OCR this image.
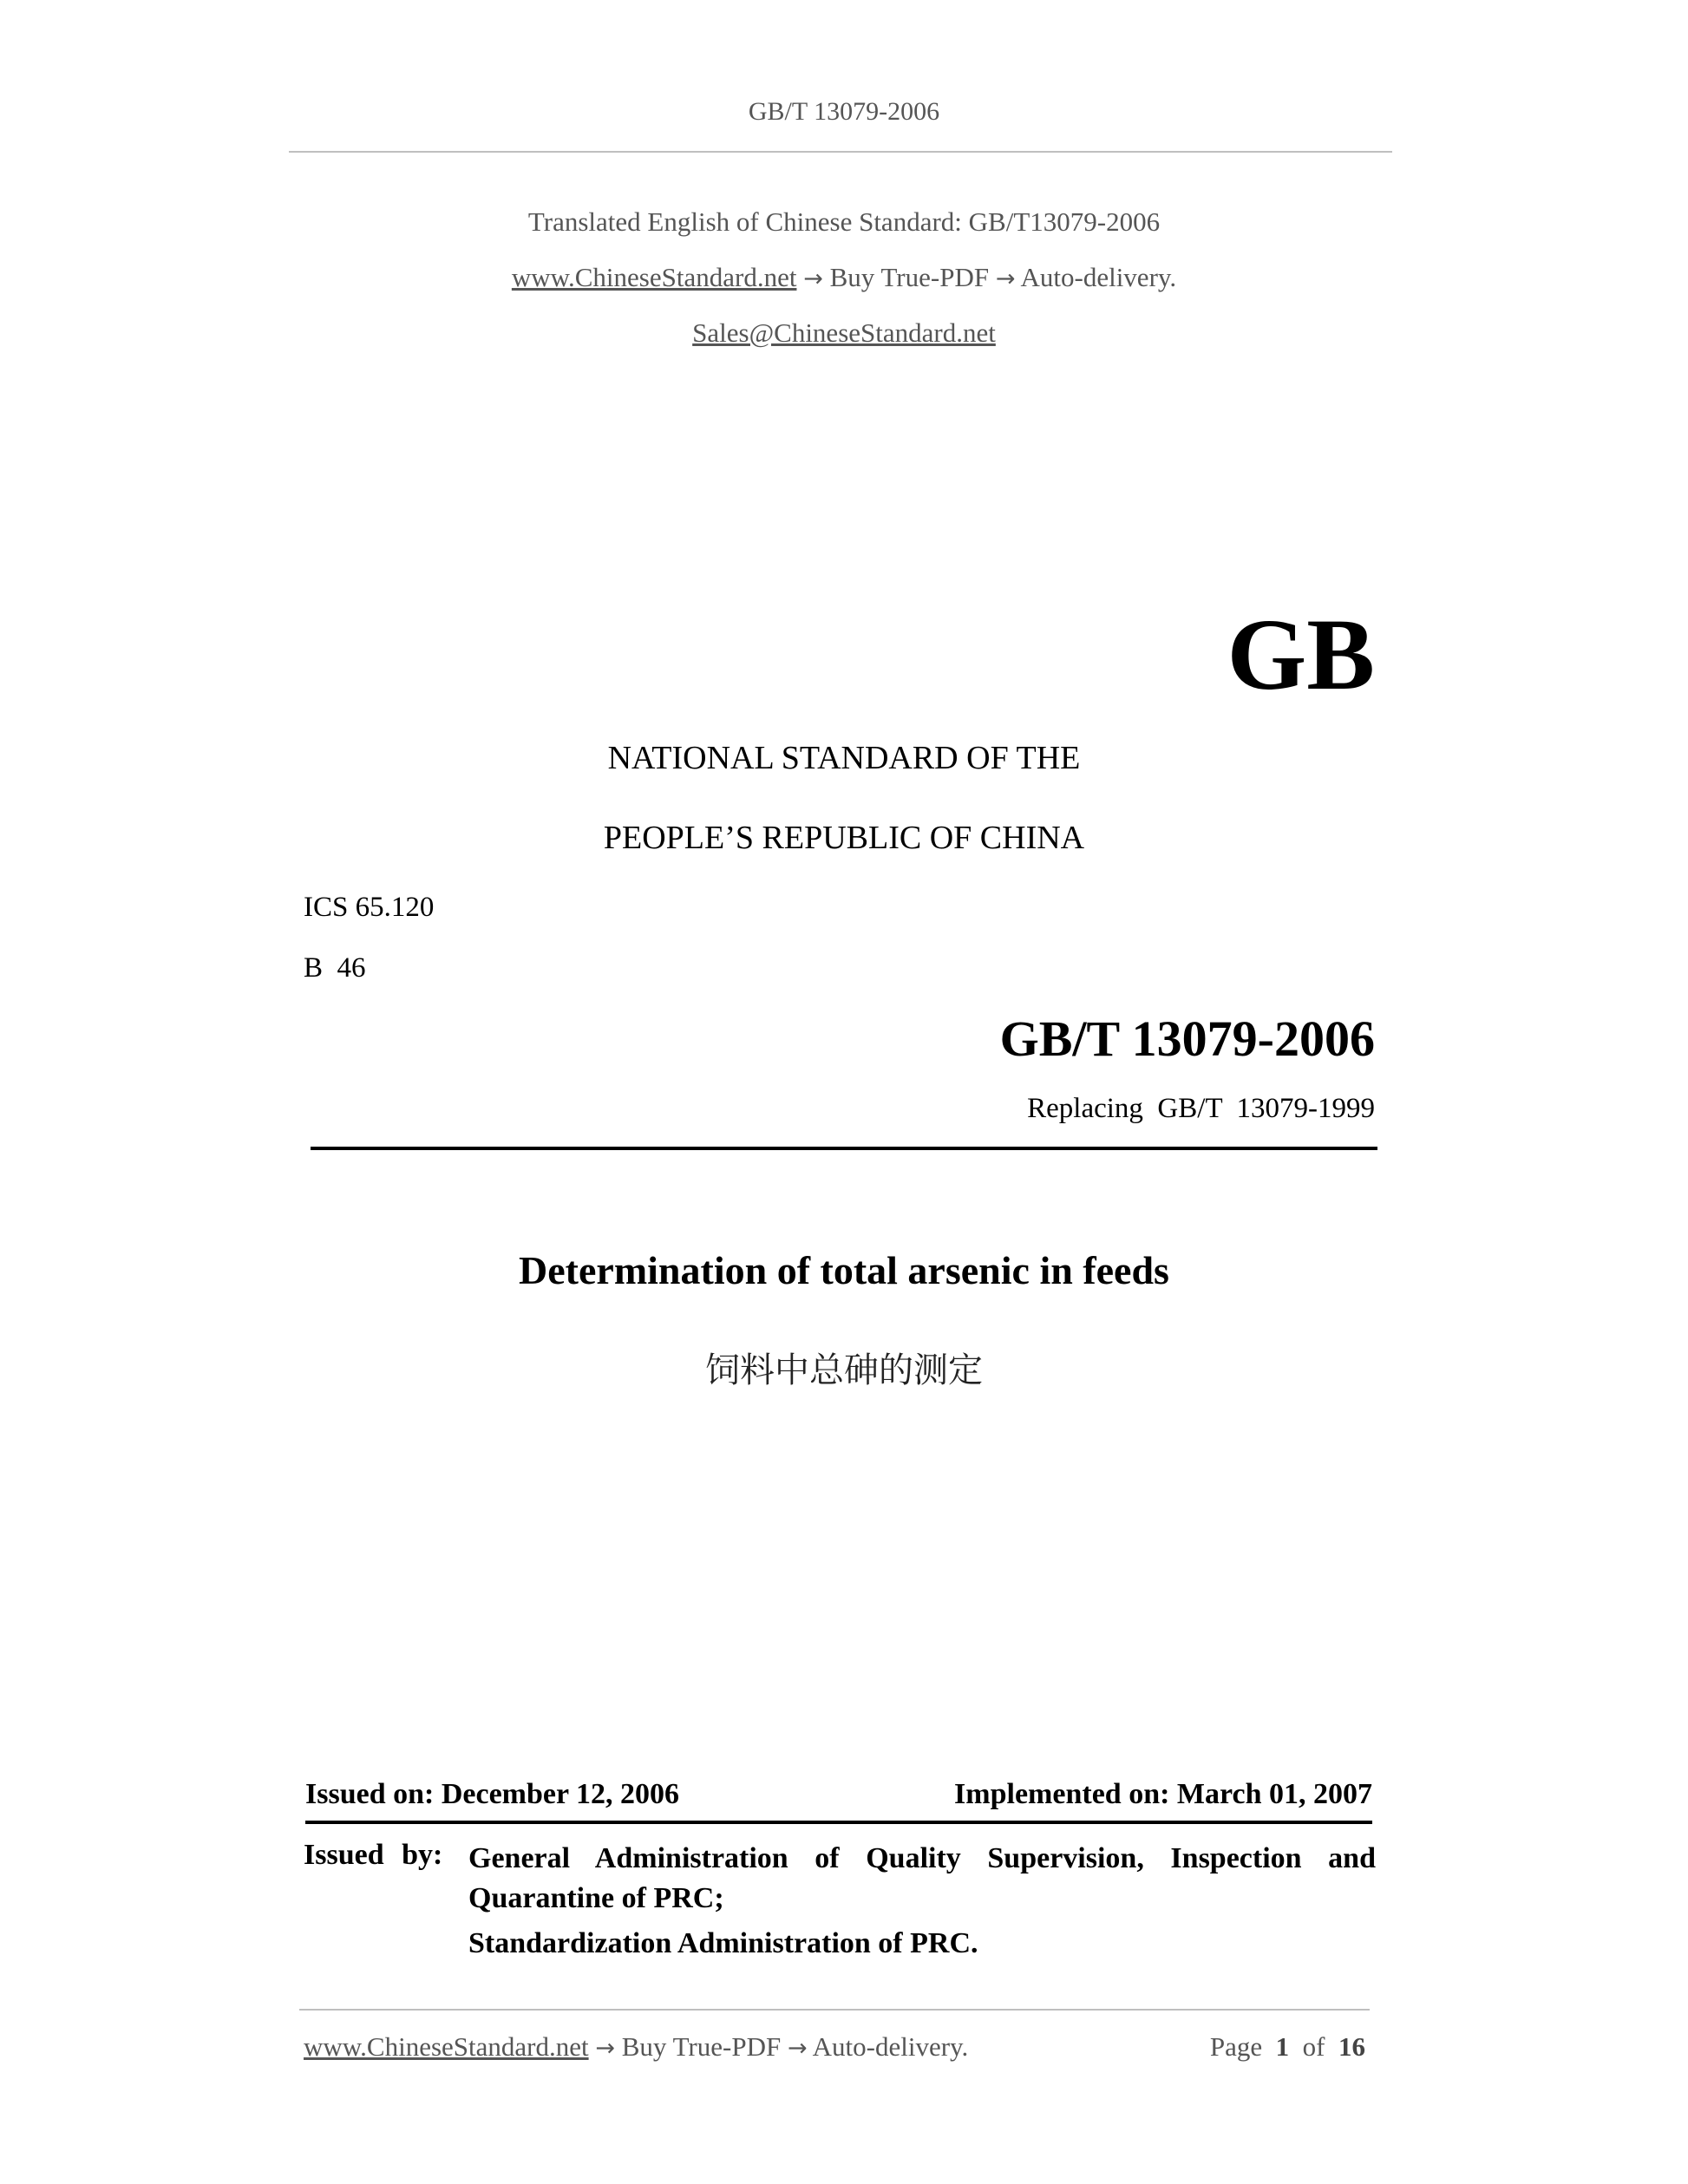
GB/T 13079-2006
Translated English of Chinese Standard: GB/T13079-2006
www.ChineseStandard.net → Buy True-PDF → Auto-delivery.
Sales@ChineseStandard.net
GB
NATIONAL STANDARD OF THE
PEOPLE’S REPUBLIC OF CHINA
ICS 65.120
B  46
GB/T 13079-2006
Replacing  GB/T  13079-1999
Determination of total arsenic in feeds
饲料中总砷的测定
Issued on: December 12, 2006	Implemented on: March 01, 2007
Issued by: General Administration of Quality Supervision, Inspection and
Quarantine of PRC;
Standardization Administration of PRC.
www.ChineseStandard.net → Buy True-PDF → Auto-delivery.	Page 1 of 16
